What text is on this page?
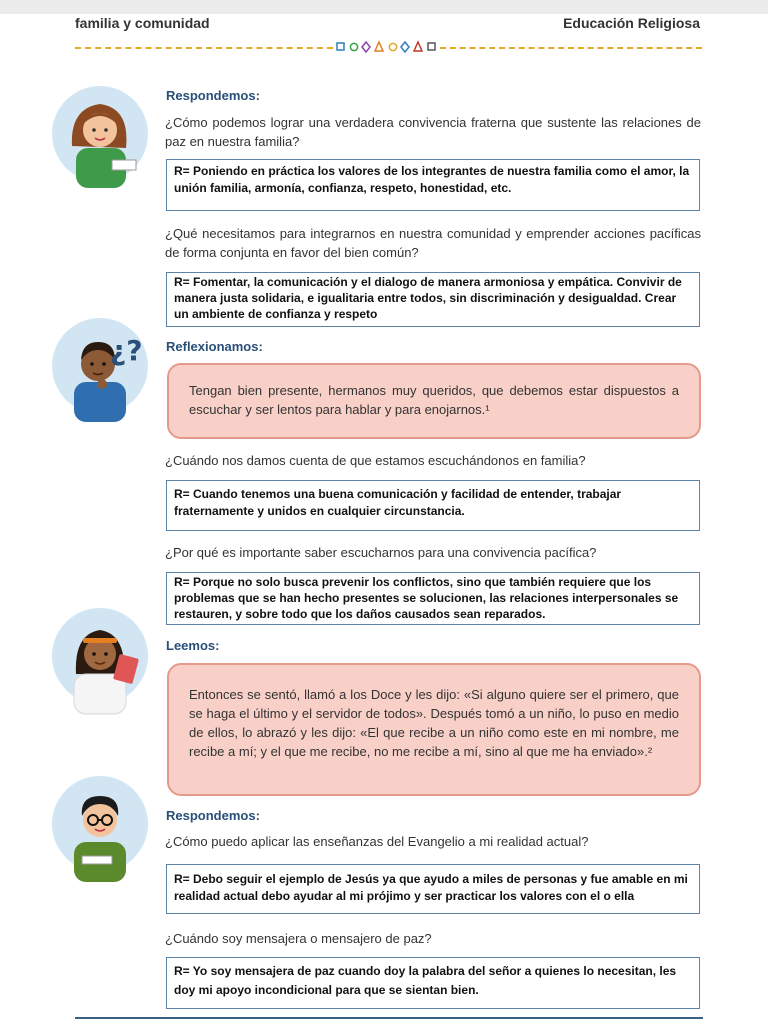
familia y comunidad	Educación Religiosa
¿?
Respondemos:
¿Cómo podemos lograr una verdadera convivencia fraterna que sustente las relaciones de paz en nuestra familia?
R= Poniendo en práctica los valores de los integrantes de nuestra familia como el amor, la unión familia, armonía, confianza, respeto, honestidad, etc.
¿Qué necesitamos para integrarnos en nuestra comunidad y emprender acciones pacíficas de forma conjunta en favor del bien común?
R= Fomentar, la comunicación y el dialogo de manera armoniosa y empática. Convivir de manera justa solidaria, e igualitaria entre todos, sin discriminación y desigualdad. Crear un ambiente de confianza y respeto
Reflexionamos:
Tengan bien presente, hermanos muy queridos, que debemos estar dispuestos a escuchar y ser lentos para hablar y para enojarnos.¹
¿Cuándo nos damos cuenta de que estamos escuchándonos en familia?
R= Cuando tenemos una buena comunicación y facilidad de entender, trabajar fraternamente y unidos en cualquier circunstancia.
¿Por qué es importante saber escucharnos para una convivencia pacífica?
R= Porque no solo busca prevenir los conflictos, sino que también requiere que los problemas que se han hecho presentes se solucionen, las relaciones interpersonales se restauren, y sobre todo que los daños causados sean reparados.
Leemos:
Entonces se sentó, llamó a los Doce y les dijo: «Si alguno quiere ser el primero, que se haga el último y el servidor de todos». Después tomó a un niño, lo puso en medio de ellos, lo abrazó y les dijo: «El que recibe a un niño como este en mi nombre, me recibe a mí; y el que me recibe, no me recibe a mí, sino al que me ha enviado».²
Respondemos:
¿Cómo puedo aplicar las enseñanzas del Evangelio a mi realidad actual?
R= Debo seguir el ejemplo de Jesús ya que ayudo a miles de personas y fue amable en mi realidad actual debo ayudar al mi prójimo y ser practicar los valores con el o ella
¿Cuándo soy mensajera o mensajero de paz?
R= Yo soy mensajera de paz cuando doy la palabra del señor a quienes lo necesitan, les doy mi apoyo incondicional para que se sientan bien.
